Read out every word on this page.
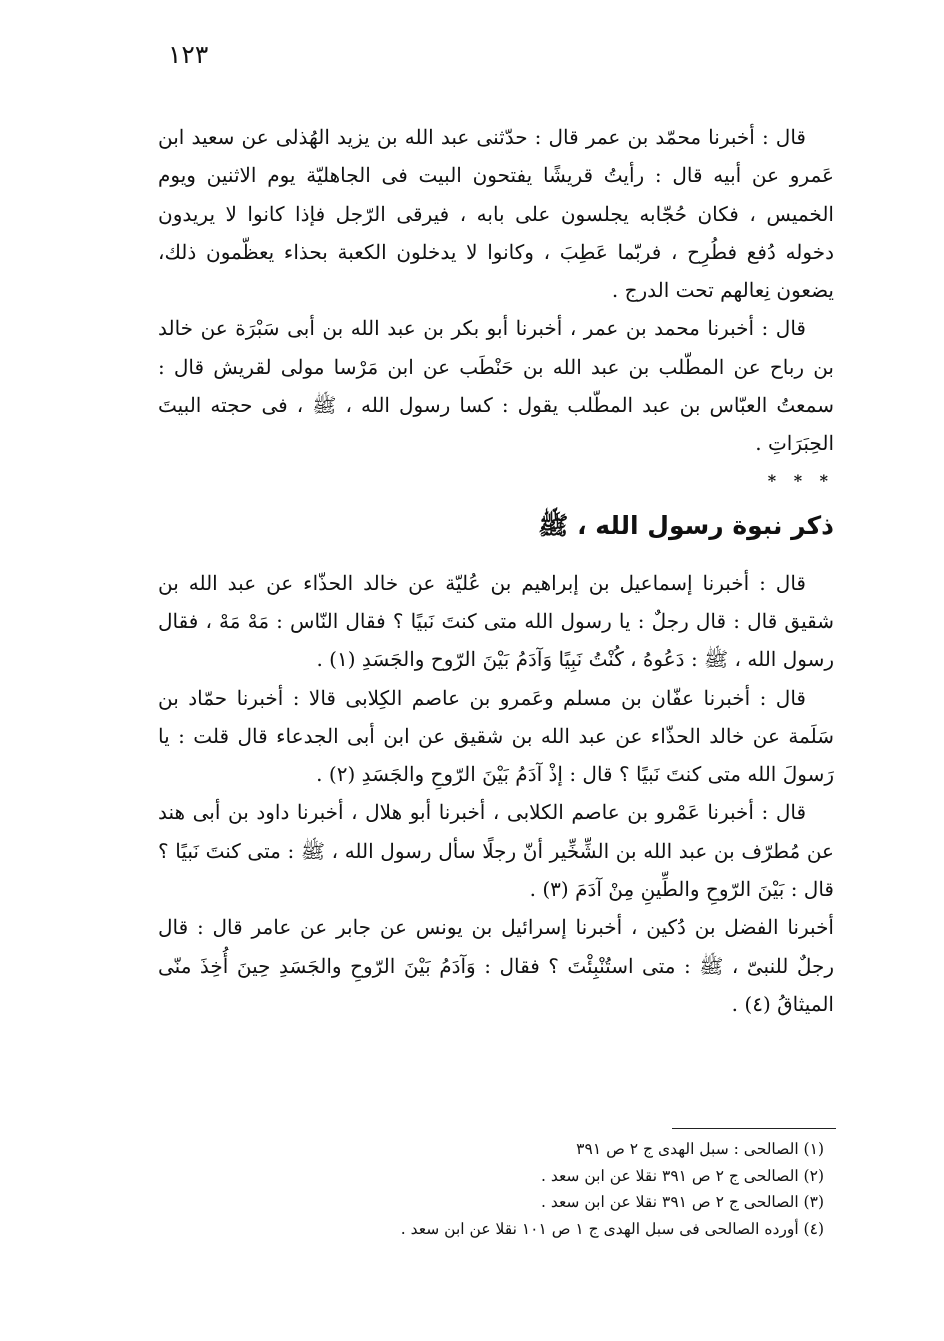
١٢٣

قال : أخبرنا محمّد بن عمر قال : حدّثنى عبد الله بن يزيد الهُذلى عن سعيد ابن عَمرو عن أبيه قال : رأيتُ قريشًا يفتحون البيت فى الجاهليّة يوم الاثنين ويوم الخميس ، فكان حُجّابه يجلسون على بابه ، فيرقى الرّجل فإذا كانوا لا يريدون دخوله دُفع فطُرِح ، فربّما عَطِبَ ، وكانوا لا يدخلون الكعبة بحذاء يعظّمون ذلك، يضعون نِعالهم تحت الدرج .

قال : أخبرنا محمد بن عمر ، أخبرنا أبو بكر بن عبد الله بن أبى سَبْرَة عن خالد بن رباح عن المطّلب بن عبد الله بن حَنْطَب عن ابن مَرْسا مولى لقريش قال : سمعتُ العبّاس بن عبد المطّلب يقول : كسا رسول الله ، ﷺ ، فى حجته البيتَ الحِبَرَاتِ .

* * *
ذكر نبوة رسول الله ، ﷺ

قال : أخبرنا إسماعيل بن إبراهيم بن عُليّة عن خالد الحذّاء عن عبد الله بن شقيق قال : قال رجلٌ : يا رسول الله متى كنتَ نَبيًا ؟ فقال النّاس : مَهْ مَهْ ، فقال رسول الله ، ﷺ : دَعُوهُ ، كُنْتُ نَبِيًا وَآدَمُ بَيْنَ الرّوح والجَسَدِ (١) .

قال : أخبرنا عفّان بن مسلم وعَمرو بن عاصم الكِلابى قالا : أخبرنا حمّاد بن سَلَمة عن خالد الحذّاء عن عبد الله بن شقيق عن ابن أبى الجدعاء قال قلت : يا رَسولَ الله متى كنتَ نَبيًا ؟ قال : إذْ آدَمُ بَيْنَ الرّوحِ والجَسَدِ (٢) .

قال : أخبرنا عَمْرو بن عاصم الكلابى ، أخبرنا أبو هلال ، أخبرنا داود بن أبى هند عن مُطرّف بن عبد الله بن الشِّخِّير أنّ رجلًا سأل رسول الله ، ﷺ : متى كنتَ نَبيًا ؟ قال : بَيْنَ الرّوحِ والطِّينِ مِنْ آدَمَ (٣) .

أخبرنا الفضل بن دُكين ، أخبرنا إسرائيل بن يونس عن جابر عن عامر قال : قال رجلٌ للنبىّ ، ﷺ : متى استُنْبِئْتَ ؟ فقال : وَآدَمُ بَيْنَ الرّوحِ والجَسَدِ حِينَ أُخِذَ منّى الميثاقُ (٤) .

(١) الصالحى : سبل الهدى ج ٢ ص ٣٩١

(٢) الصالحى ج ٢ ص ٣٩١ نقلا عن ابن سعد .

(٣) الصالحى ج ٢ ص ٣٩١ نقلا عن ابن سعد .

(٤) أورده الصالحى فى سبل الهدى ج ١ ص ١٠١ نقلا عن ابن سعد .
